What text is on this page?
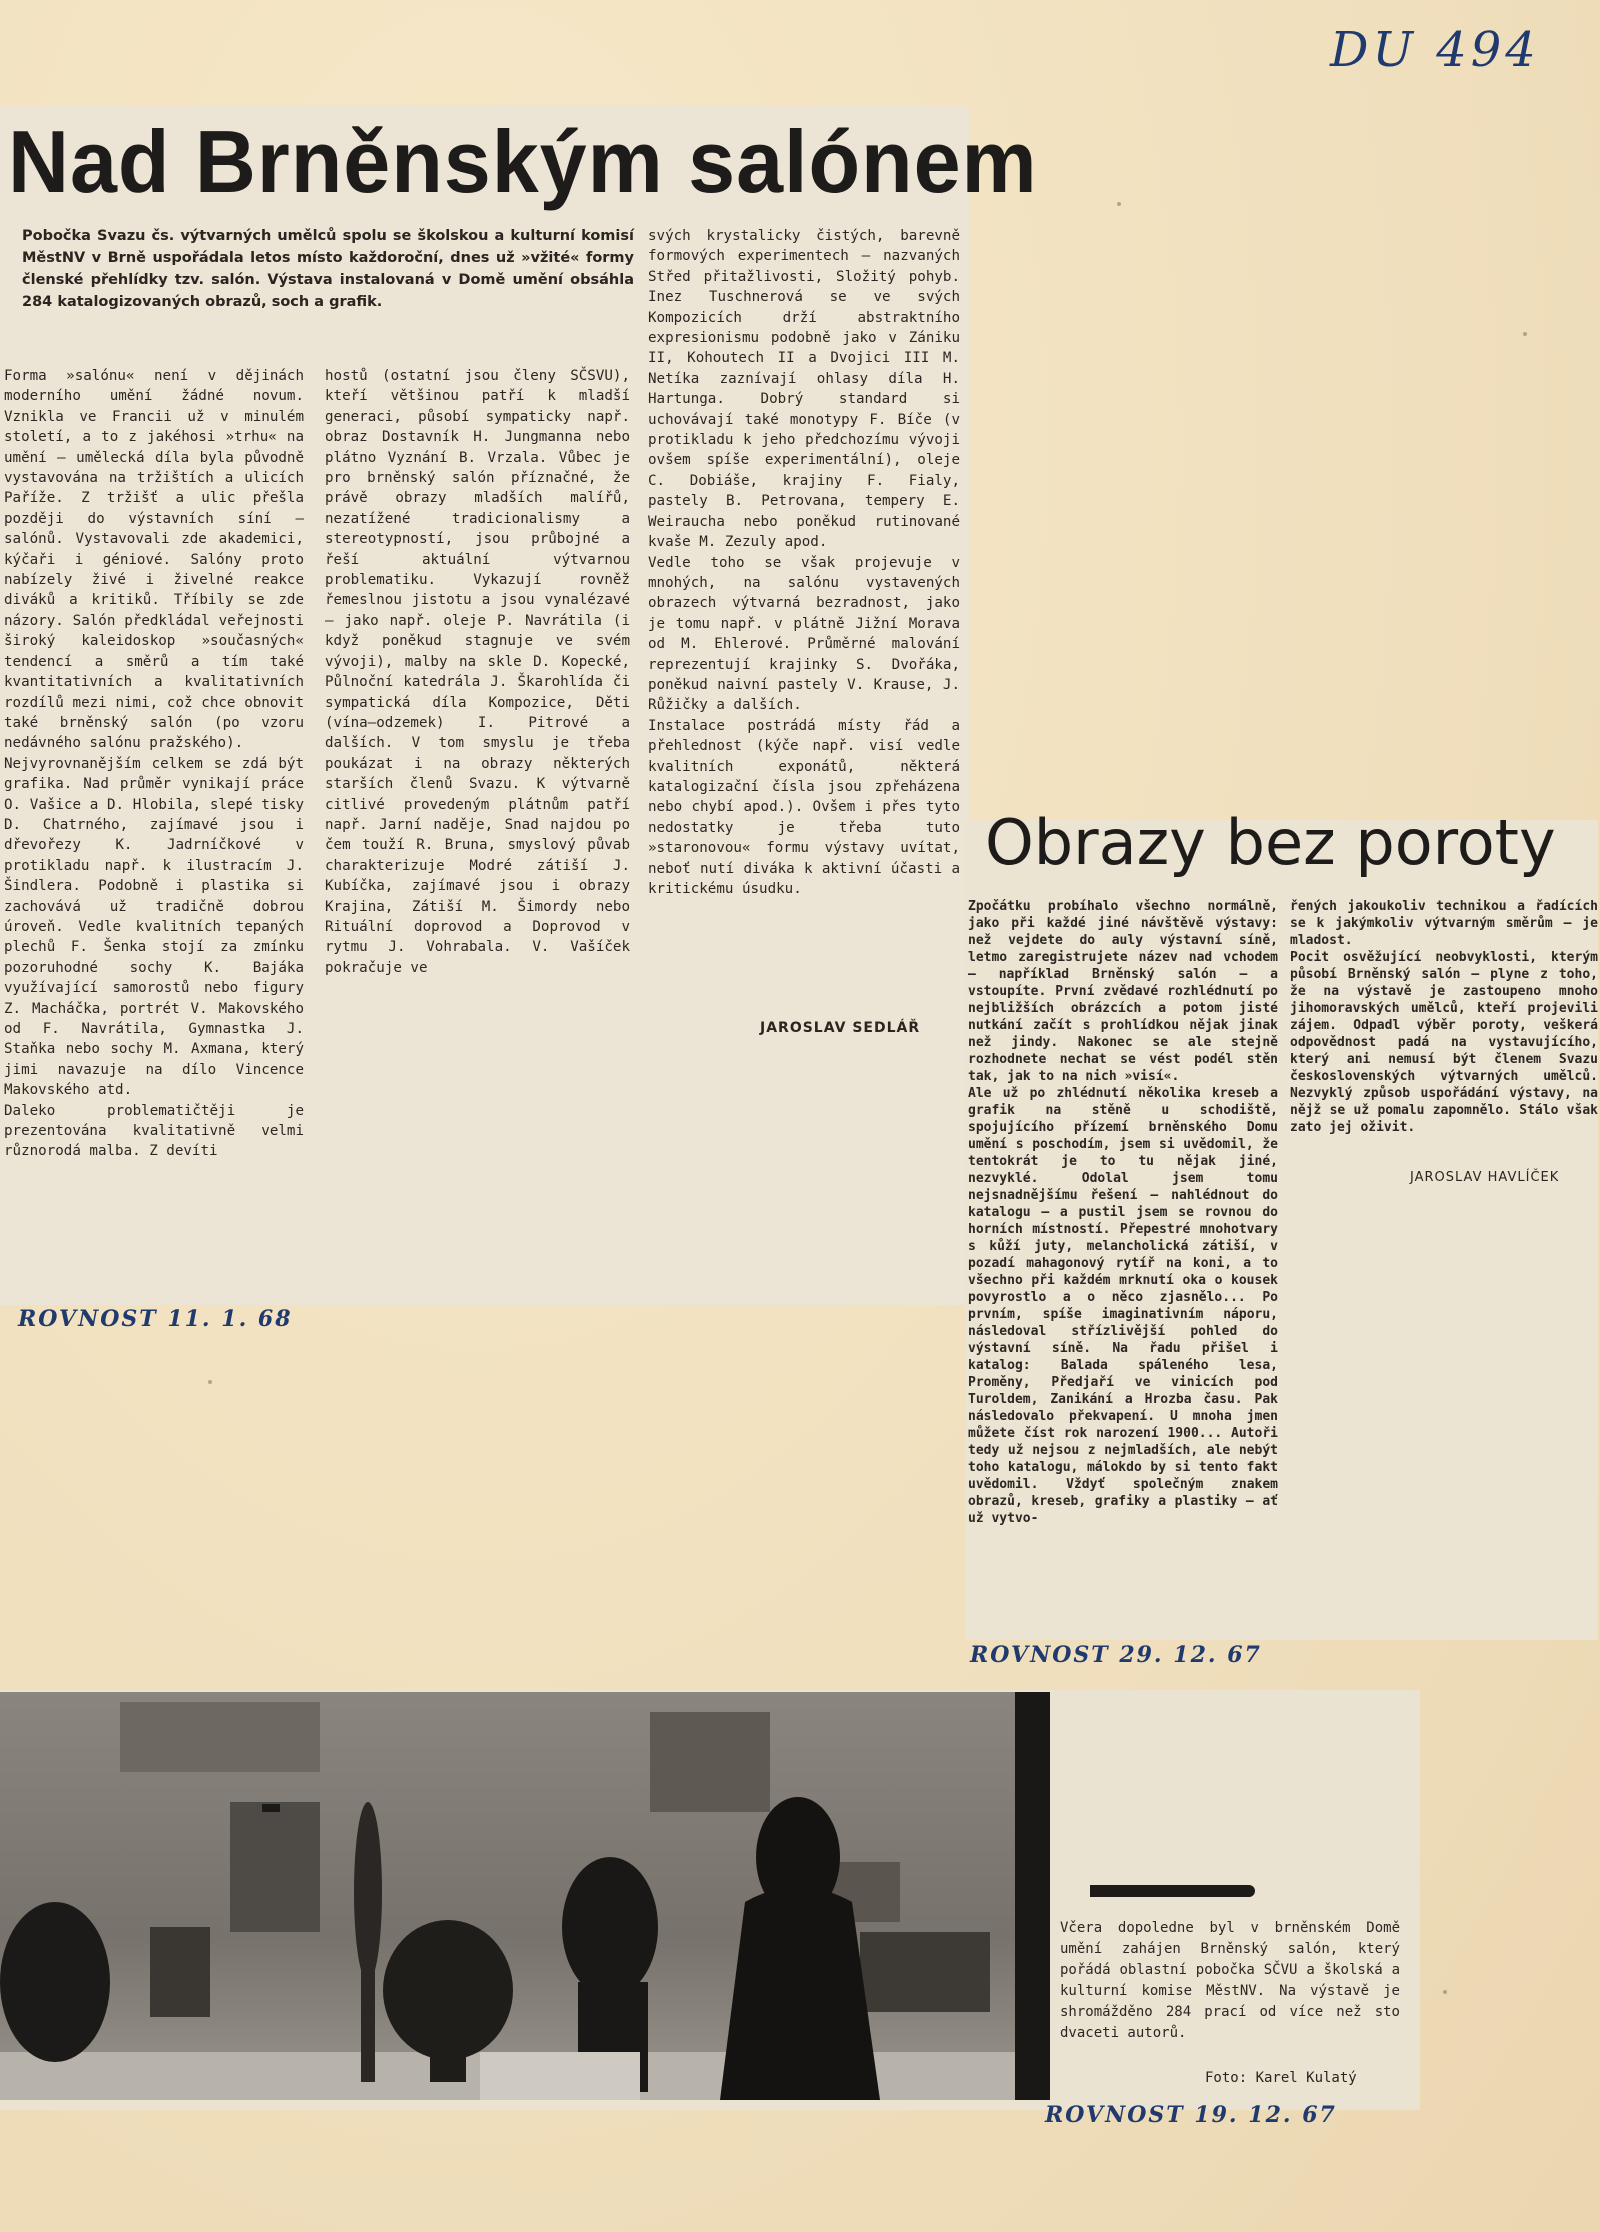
DU 494
Nad Brněnským salónem
Pobočka Svazu čs. výtvarných umělců spolu se školskou a kulturní komisí MěstNV v Brně uspořádala letos místo každoroční, dnes už »vžité« formy členské přehlídky tzv. salón. Výstava instalovaná v Domě umění obsáhla 284 katalogizovaných obrazů, soch a grafik.
Forma »salónu« není v dějinách moderního umění žádné novum. Vznikla ve Francii už v minulém století, a to z jakéhosi »trhu« na umění — umělecká díla byla původně vystavována na tržištích a ulicích Paříže. Z tržišť a ulic přešla později do výstavních síní — salónů. Vystavovali zde akademici, kýčaři i géniové. Salóny proto nabízely živé i živelné reakce diváků a kritiků. Tříbily se zde názory. Salón předkládal veřejnosti široký kaleidoskop »současných« tendencí a směrů a tím také kvantitativních a kvalitativních rozdílů mezi nimi, což chce obnovit také brněnský salón (po vzoru nedávného salónu pražského).
Nejvyrovnanějším celkem se zdá být grafika. Nad průměr vynikají práce O. Vašice a D. Hlobila, slepé tisky D. Chatrného, zajímavé jsou i dřevořezy K. Jadrníčkové v protikladu např. k ilustracím J. Šindlera. Podobně i plastika si zachovává už tradičně dobrou úroveň. Vedle kvalitních tepaných plechů F. Šenka stojí za zmínku pozoruhodné sochy K. Bajáka využívající samorostů nebo figury Z. Macháčka, portrét V. Makovského od F. Navrátila, Gymnastka J. Staňka nebo sochy M. Axmana, který jimi navazuje na dílo Vincence Makovského atd.
Daleko problematičtěji je prezentována kvalitativně velmi různorodá malba. Z devíti
hostů (ostatní jsou členy SČSVU), kteří většinou patří k mladší generaci, působí sympaticky např. obraz Dostavník H. Jungmanna nebo plátno Vyznání B. Vrzala. Vůbec je pro brněnský salón příznačné, že právě obrazy mladších malířů, nezatížené tradicionalismy a stereotypností, jsou průbojné a řeší aktuální výtvarnou problematiku. Vykazují rovněž řemeslnou jistotu a jsou vynalézavé — jako např. oleje P. Navrátila (i když poněkud stagnuje ve svém vývoji), malby na skle D. Kopecké, Půlnoční katedrála J. Škarohlída či sympatická díla Kompozice, Děti (vína—odzemek) I. Pitrové a dalších. V tom smyslu je třeba poukázat i na obrazy některých starších členů Svazu. K výtvarně citlivé provedeným plátnům patří např. Jarní naděje, Snad najdou po čem touží R. Bruna, smyslový půvab charakterizuje Modré zátiší J. Kubíčka, zajímavé jsou i obrazy Krajina, Zátiší M. Šimordy nebo Rituální doprovod a Doprovod v rytmu J. Vohrabala. V. Vašíček pokračuje ve
svých krystalicky čistých, barevně formových experimentech — nazvaných Střed přitažlivosti, Složitý pohyb. Inez Tuschnerová se ve svých Kompozicích drží abstraktního expresionismu podobně jako v Zániku II, Kohoutech II a Dvojici III M. Netíka zaznívají ohlasy díla H. Hartunga. Dobrý standard si uchovávají také monotypy F. Bíče (v protikladu k jeho předchozímu vývoji ovšem spíše experimentální), oleje C. Dobiáše, krajiny F. Fialy, pastely B. Petrovana, tempery E. Weiraucha nebo poněkud rutinované kvaše M. Zezuly apod.
Vedle toho se však projevuje v mnohých, na salónu vystavených obrazech výtvarná bezradnost, jako je tomu např. v plátně Jižní Morava od M. Ehlerové. Průměrné malování reprezentují krajinky S. Dvořáka, poněkud naivní pastely V. Krause, J. Růžičky a dalších.
Instalace postrádá místy řád a přehlednost (kýče např. visí vedle kvalitních exponátů, některá katalogizační čísla jsou zpřeházena nebo chybí apod.). Ovšem i přes tyto nedostatky je třeba tuto »staronovou« formu výstavy uvítat, neboť nutí diváka k aktivní účasti a kritickému úsudku.
JAROSLAV SEDLÁŘ
ROVNOST 11. 1. 68
Obrazy bez poroty
Zpočátku probíhalo všechno normálně, jako při každé jiné návštěvě výstavy: než vejdete do auly výstavní síně, letmo zaregistrujete název nad vchodem — například Brněnský salón — a vstoupíte. První zvědavé rozhlédnutí po nejbližších obrázcích a potom jisté nutkání začít s prohlídkou nějak jinak než jindy. Nakonec se ale stejně rozhodnete nechat se vést podél stěn tak, jak to na nich »visí«.
Ale už po zhlédnutí několika kreseb a grafik na stěně u schodiště, spojujícího přízemí brněnského Domu umění s poschodím, jsem si uvědomil, že tentokrát je to tu nějak jiné, nezvyklé. Odolal jsem tomu nejsnadnějšímu řešení — nahlédnout do katalogu — a pustil jsem se rovnou do horních místností. Přepestré mnohotvary s kůží juty, melancholická zátiší, v pozadí mahagonový rytíř na koni, a to všechno při každém mrknutí oka o kousek povyrostlo a o něco zjasnělo... Po prvním, spíše imaginativním náporu, následoval střízlivější pohled do výstavní síně. Na řadu přišel i katalog: Balada spáleného lesa, Proměny, Předjaří ve vinicích pod Turoldem, Zanikání a Hrozba času. Pak následovalo překvapení. U mnoha jmen můžete číst rok narození 1900... Autoři tedy už nejsou z nejmladších, ale nebýt toho katalogu, málokdo by si tento fakt uvědomil. Vždyť společným znakem obrazů, kreseb, grafiky a plastiky — ať už vytvo-
řených jakoukoliv technikou a řadících se k jakýmkoliv výtvarným směrům — je mladost.
Pocit osvěžující neobvyklosti, kterým působí Brněnský salón — plyne z toho, že na výstavě je zastoupeno mnoho jihomoravských umělců, kteří projevili zájem. Odpadl výběr poroty, veškerá odpovědnost padá na vystavujícího, který ani nemusí být členem Svazu československých výtvarných umělců. Nezvyklý způsob uspořádání výstavy, na nějž se už pomalu zapomnělo. Stálo však zato jej oživit.
JAROSLAV HAVLÍČEK
ROVNOST 29. 12. 67
Včera dopoledne byl v brněnském Domě umění zahájen Brněnský salón, který pořádá oblastní pobočka SČVU a školská a kulturní komise MěstNV. Na výstavě je shromážděno 284 prací od více než sto dvaceti autorů.
Foto: Karel Kulatý
ROVNOST 19. 12. 67
